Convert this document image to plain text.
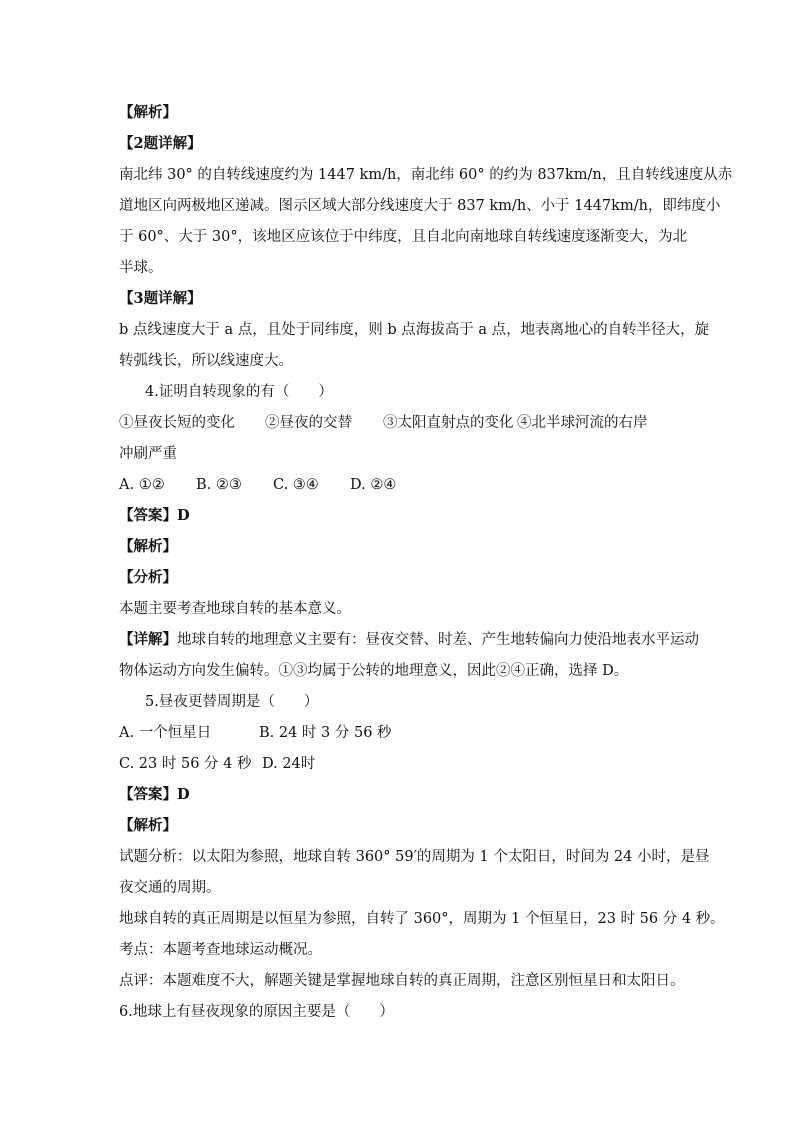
【解析】
【2题详解】
南北纬 30° 的自转线速度约为 1447 km/h，南北纬 60° 的约为 837km/n，且自转线速度从赤
道地区向两极地区递减。图示区域大部分线速度大于 837 km/h、小于 1447km/h，即纬度小
于 60°、大于 30°，该地区应该位于中纬度，且自北向南地球自转线速度逐渐变大，为北
半球。
【3题详解】
b 点线速度大于 a 点，且处于同纬度，则 b 点海拔高于 a 点，地表离地心的自转半径大，旋
转弧线长，所以线速度大。
4.证明自转现象的有（　　）
①昼夜长短的变化 ②昼夜的交替 ③太阳直射点的变化 ④北半球河流的右岸
冲刷严重
A. ①② B. ②③ C. ③④ D. ②④
【答案】D
【解析】
【分析】
本题主要考查地球自转的基本意义。
【详解】地球自转的地理意义主要有：昼夜交替、时差、产生地转偏向力使沿地表水平运动
物体运动方向发生偏转。①③均属于公转的地理意义，因此②④正确，选择 D。
5.昼夜更替周期是（　　）
A. 一个恒星日	B. 24 时 3 分 56 秒
C. 23 时 56 分 4 秒 D. 24时
【答案】D
【解析】
试题分析：以太阳为参照，地球自转 360° 59′的周期为 1 个太阳日，时间为 24 小时，是昼
夜交通的周期。
地球自转的真正周期是以恒星为参照，自转了 360°，周期为 1 个恒星日，23 时 56 分 4 秒。
考点：本题考查地球运动概况。
点评：本题难度不大，解题关键是掌握地球自转的真正周期，注意区别恒星日和太阳日。
6.地球上有昼夜现象的原因主要是（　　）
